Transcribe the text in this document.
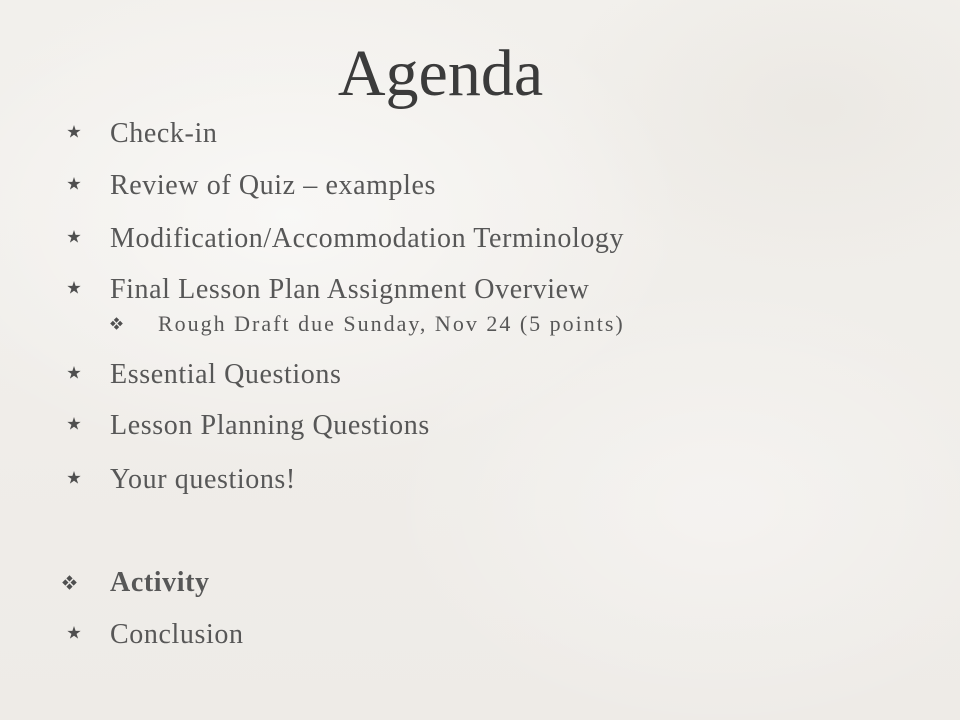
Agenda
Check-in
Review of Quiz – examples
Modification/Accommodation Terminology
Final Lesson Plan Assignment Overview
Rough Draft due Sunday, Nov 24 (5 points)
Essential Questions
Lesson Planning Questions
Your questions!
Activity
Conclusion
